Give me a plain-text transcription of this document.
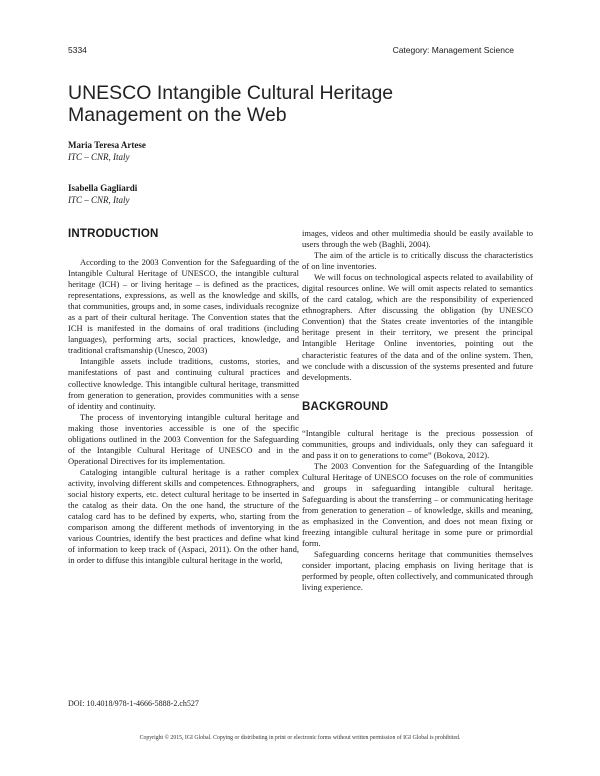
5334	Category: Management Science
UNESCO Intangible Cultural Heritage Management on the Web
Maria Teresa Artese
ITC – CNR, Italy
Isabella Gagliardi
ITC – CNR, Italy
INTRODUCTION

According to the 2003 Convention for the Safeguarding of the Intangible Cultural Heritage of UNESCO, the intangible cultural heritage (ICH) – or living heritage – is defined as the practices, representations, expressions, as well as the knowledge and skills, that communities, groups and, in some cases, individuals recognize as a part of their cultural heritage. The Convention states that the ICH is manifested in the domains of oral traditions (including languages), performing arts, social practices, knowledge, and traditional craftsmanship (Unesco, 2003)

Intangible assets include traditions, customs, stories, and manifestations of past and continuing cultural practices and collective knowledge. This intangible cultural heritage, transmitted from generation to generation, provides communities with a sense of identity and continuity.

The process of inventorying intangible cultural heritage and making those inventories accessible is one of the specific obligations outlined in the 2003 Convention for the Safeguarding of the Intangible Cultural Heritage of UNESCO and in the Operational Directives for its implementation.

Cataloging intangible cultural heritage is a rather complex activity, involving different skills and competences. Ethnographers, social history experts, etc. detect cultural heritage to be inserted in the catalog as their data. On the one hand, the structure of the catalog card has to be defined by experts, who, starting from the comparison among the different methods of inventorying in the various Countries, identify the best practices and define what kind of information to keep track of (Aspaci, 2011). On the other hand, in order to diffuse this intangible cultural heritage in the world,

images, videos and other multimedia should be easily available to users through the web (Baghli, 2004).

The aim of the article is to critically discuss the characteristics of on line inventories.

We will focus on technological aspects related to availability of digital resources online. We will omit aspects related to semantics of the card catalog, which are the responsibility of experienced ethnographers. After discussing the obligation (by UNESCO Convention) that the States create inventories of the intangible heritage present in their territory, we present the principal Intangible Heritage Online inventories, pointing out the characteristic features of the data and of the online system. Then, we conclude with a discussion of the systems presented and future developments.

BACKGROUND

“Intangible cultural heritage is the precious possession of communities, groups and individuals, only they can safeguard it and pass it on to generations to come” (Bokova, 2012).

The 2003 Convention for the Safeguarding of the Intangible Cultural Heritage of UNESCO focuses on the role of communities and groups in safeguarding intangible cultural heritage. Safeguarding is about the transferring – or communicating heritage from generation to generation – of knowledge, skills and meaning, as emphasized in the Convention, and does not mean fixing or freezing intangible cultural heritage in some pure or primordial form.

Safeguarding concerns heritage that communities themselves consider important, placing emphasis on living heritage that is performed by people, often collectively, and communicated through living experience.

DOI: 10.4018/978-1-4666-5888-2.ch527
Copyright © 2015, IGI Global. Copying or distributing in print or electronic forms without written permission of IGI Global is prohibited.
